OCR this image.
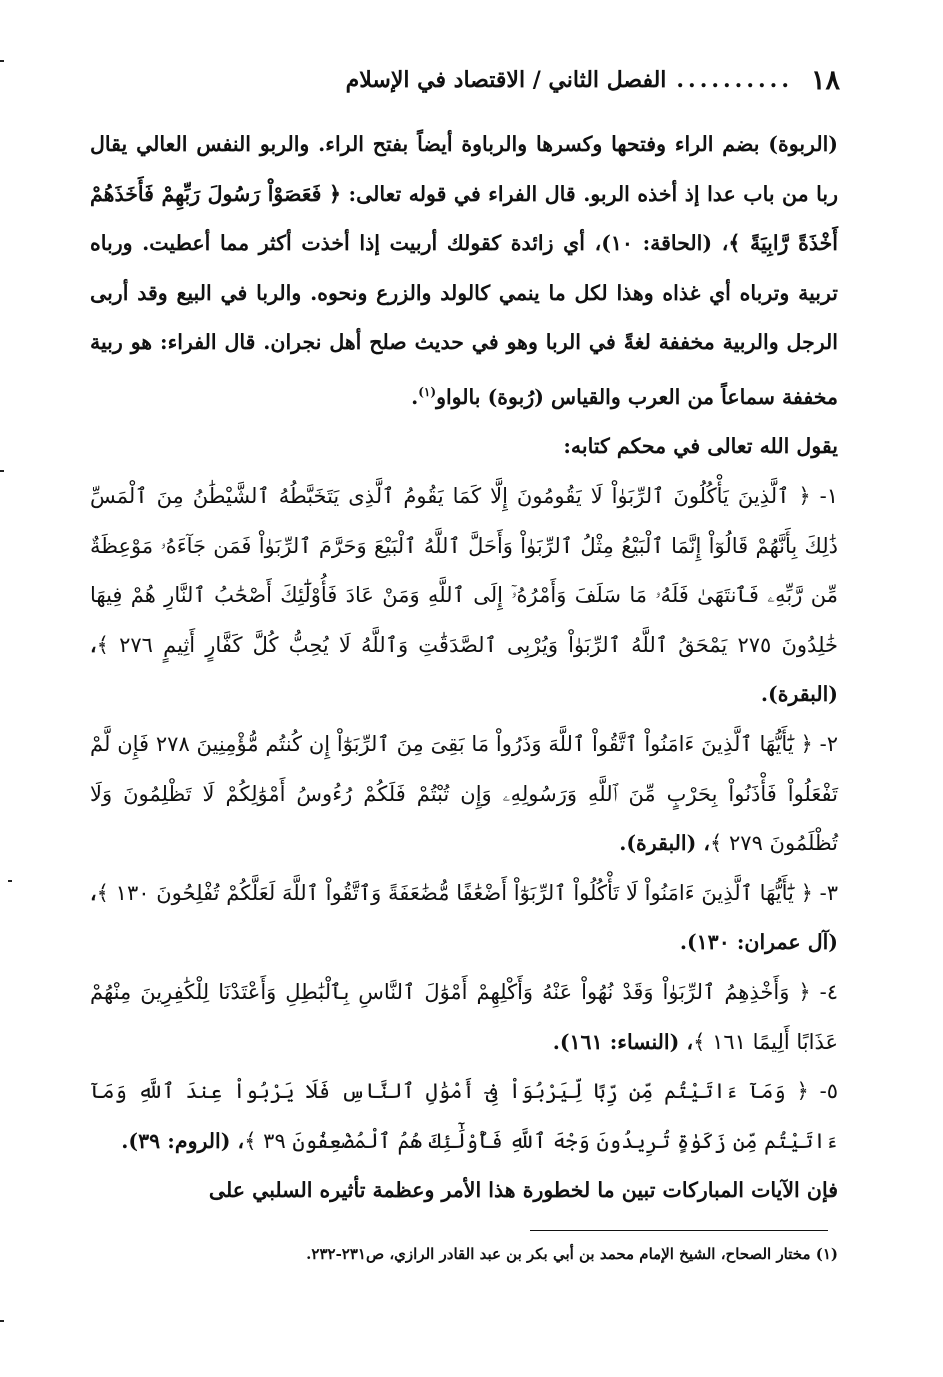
١٨
..........
الفصل الثاني / الاقتصاد في الإسلام

(الربوة) بضم الراء وفتحها وكسرها والرباوة أيضاً بفتح الراء. والربو النفس العالي يقال ربا من باب عدا إذ أخذه الربو. قال الفراء في قوله تعالى: ﴿ فَعَصَوْاْ رَسُولَ رَبِّهِمْ فَأَخَذَهُمْ أَخْذَةً رَّابِيَةً ﴾، (الحاقة: ١٠)، أي زائدة كقولك أربيت إذا أخذت أكثر مما أعطيت. ورباه تربية وترباه أي غذاه وهذا لكل ما ينمي كالولد والزرع ونحوه. والربا في البيع وقد أربى الرجل والربية مخففة لغةً في الربا وهو في حديث صلح أهل نجران. قال الفراء: هو ربية مخففة سماعاً من العرب والقياس (رُبوة) بالواو$^{(١)}$.

يقول الله تعالى في محكم كتابه:

١- ﴿ ٱلَّذِينَ يَأْكُلُونَ ٱلرِّبَوٰاْ لَا يَقُومُونَ إِلَّا كَمَا يَقُومُ ٱلَّذِى يَتَخَبَّطُهُ ٱلشَّيْطَٰنُ مِنَ ٱلْمَسِّ ذَٰلِكَ بِأَنَّهُمْ قَالُوٓاْ إِنَّمَا ٱلْبَيْعُ مِثْلُ ٱلرِّبَوٰاْ وَأَحَلَّ ٱللَّهُ ٱلْبَيْعَ وَحَرَّمَ ٱلرِّبَوٰاْ فَمَن جَآءَهُۥ مَوْعِظَةٌ مِّن رَّبِّهِۦ فَٱنتَهَىٰ فَلَهُۥ مَا سَلَفَ وَأَمْرُهُۥٓ إِلَى ٱللَّهِ وَمَنْ عَادَ فَأُوْلَٰٓئِكَ أَصْحَٰبُ ٱلنَّارِ هُمْ فِيهَا خَٰلِدُونَ ٢٧٥ يَمْحَقُ ٱللَّهُ ٱلرِّبَوٰاْ وَيُرْبِى ٱلصَّدَقَٰتِ وَٱللَّهُ لَا يُحِبُّ كُلَّ كَفَّارٍ أَثِيمٍ ٢٧٦ ﴾، (البقرة).

٢- ﴿ يَٰٓأَيُّهَا ٱلَّذِينَ ءَامَنُواْ ٱتَّقُواْ ٱللَّهَ وَذَرُواْ مَا بَقِىَ مِنَ ٱلرِّبَوٰٓاْ إِن كُنتُم مُّؤْمِنِينَ ٢٧٨ فَإِن لَّمْ تَفْعَلُواْ فَأْذَنُواْ بِحَرْبٍ مِّنَ ٱللَّهِ وَرَسُولِهِۦ وَإِن تُبْتُمْ فَلَكُمْ رُءُوسُ أَمْوَٰلِكُمْ لَا تَظْلِمُونَ وَلَا تُظْلَمُونَ ٢٧٩ ﴾، (البقرة).

٣- ﴿ يَٰٓأَيُّهَا ٱلَّذِينَ ءَامَنُواْ لَا تَأْكُلُواْ ٱلرِّبَوٰٓاْ أَضْعَٰفًا مُّضَٰعَفَةً وَٱتَّقُواْ ٱللَّهَ لَعَلَّكُمْ تُفْلِحُونَ ١٣٠ ﴾، (آل عمران: ١٣٠).

٤- ﴿ وَأَخْذِهِمُ ٱلرِّبَوٰاْ وَقَدْ نُهُواْ عَنْهُ وَأَكْلِهِمْ أَمْوَٰلَ ٱلنَّاسِ بِٱلْبَٰطِلِ وَأَعْتَدْنَا لِلْكَٰفِرِينَ مِنْهُمْ عَذَابًا أَلِيمًا ١٦١ ﴾، (النساء: ١٦١).

٥- ﴿ وَمَآ ءَاتَيْتُم مِّن رِّبًا لِّيَرْبُوَاْ فِىٓ أَمْوَٰلِ ٱلنَّاسِ فَلَا يَرْبُواْ عِندَ ٱللَّهِ وَمَآ ءَاتَيْتُم مِّن زَكَوٰةٍ تُرِيدُونَ وَجْهَ ٱللَّهِ فَأُوْلَٰٓئِكَ هُمُ ٱلْمُضْعِفُونَ ٣٩ ﴾، (الروم: ٣٩).

فإن الآيات المباركات تبين ما لخطورة هذا الأمر وعظمة تأثيره السلبي على

(١) مختار الصحاح، الشيخ الإمام محمد بن أبي بكر بن عبد القادر الرازي، ص٢٣١-٢٣٢.
